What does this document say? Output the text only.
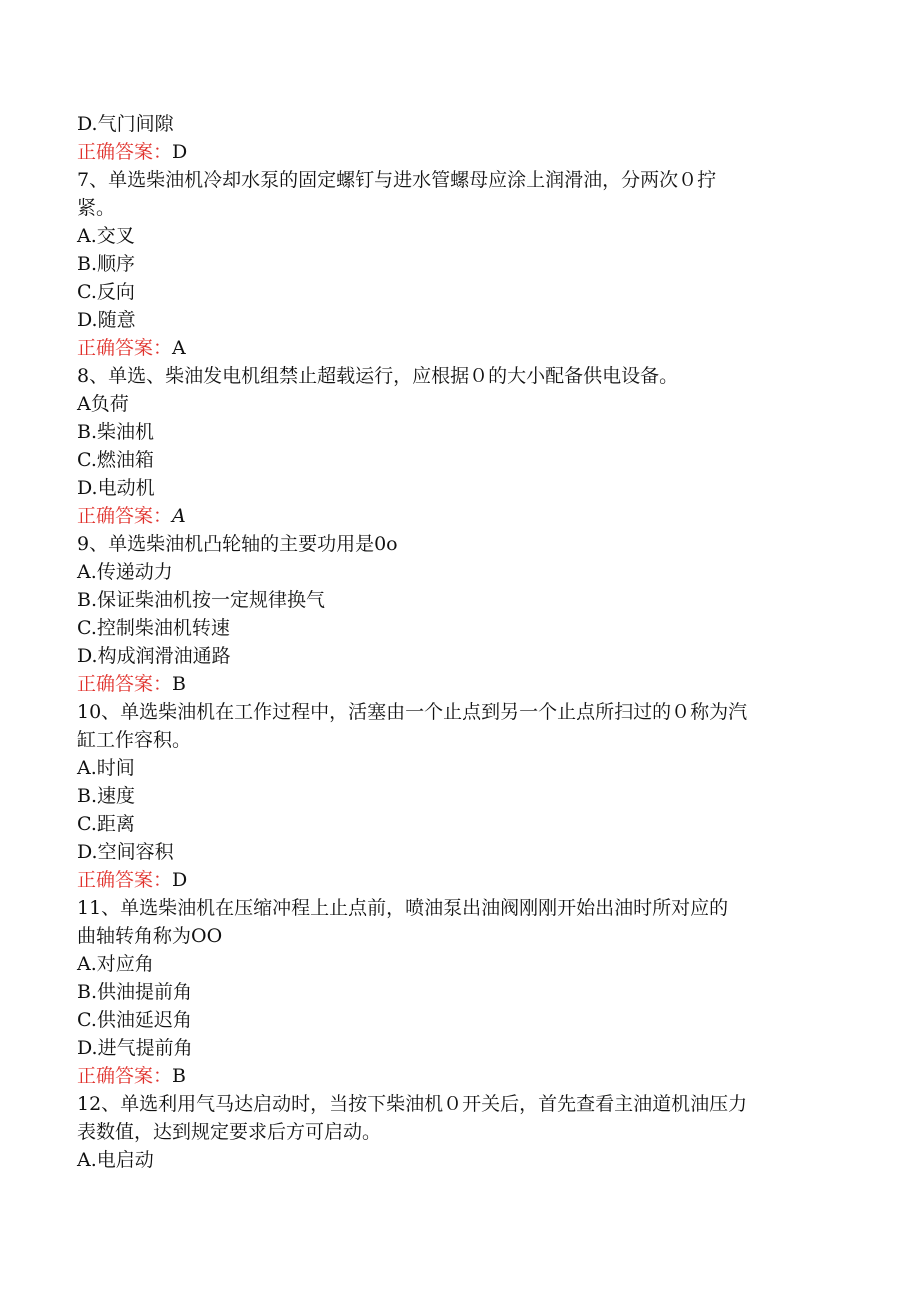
D.气门间隙
正确答案：D
7、单选柴油机冷却水泵的固定螺钉与进水管螺母应涂上润滑油，分两次０拧
紧。
A.交叉
B.顺序
C.反向
D.随意
正确答案：A
8、单选、柴油发电机组禁止超载运行，应根据０的大小配备供电设备。
A负荷
B.柴油机
C.燃油箱
D.电动机
正确答案：A
9、单选柴油机凸轮轴的主要功用是0o
A.传递动力
B.保证柴油机按一定规律换气
C.控制柴油机转速
D.构成润滑油通路
正确答案：B
10、单选柴油机在工作过程中，活塞由一个止点到另一个止点所扫过的０称为汽
缸工作容积。
A.时间
B.速度
C.距离
D.空间容积
正确答案：D
11、单选柴油机在压缩冲程上止点前，喷油泵出油阀刚刚开始出油时所对应的
曲轴转角称为OO
A.对应角
B.供油提前角
C.供油延迟角
D.进气提前角
正确答案：B
12、单选利用气马达启动时，当按下柴油机０开关后，首先查看主油道机油压力
表数值，达到规定要求后方可启动。
A.电启动
